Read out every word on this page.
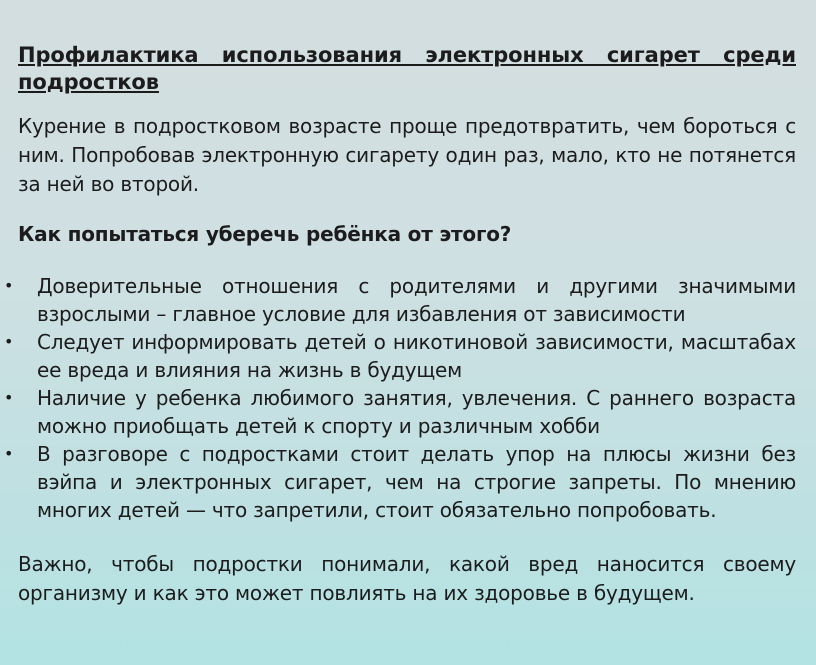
Профилактика использования электронных сигарет среди подростков

Курение в подростковом возрасте проще предотвратить, чем бороться с ним. Попробовав электронную сигарету один раз, мало, кто не потянется за ней во второй.

Как попытаться уберечь ребёнка от этого?

• Доверительные отношения с родителями и другими значимыми взрослыми – главное условие для избавления от зависимости
• Следует информировать детей о никотиновой зависимости, масштабах ее вреда и влияния на жизнь в будущем
• Наличие у ребенка любимого занятия, увлечения. С раннего возраста можно приобщать детей к спорту и различным хобби
• В разговоре с подростками стоит делать упор на плюсы жизни без вэйпа и электронных сигарет, чем на строгие запреты. По мнению многих детей — что запретили, стоит обязательно попробовать.

Важно, чтобы подростки понимали, какой вред наносится своему организму и как это может повлиять на их здоровье в будущем.
